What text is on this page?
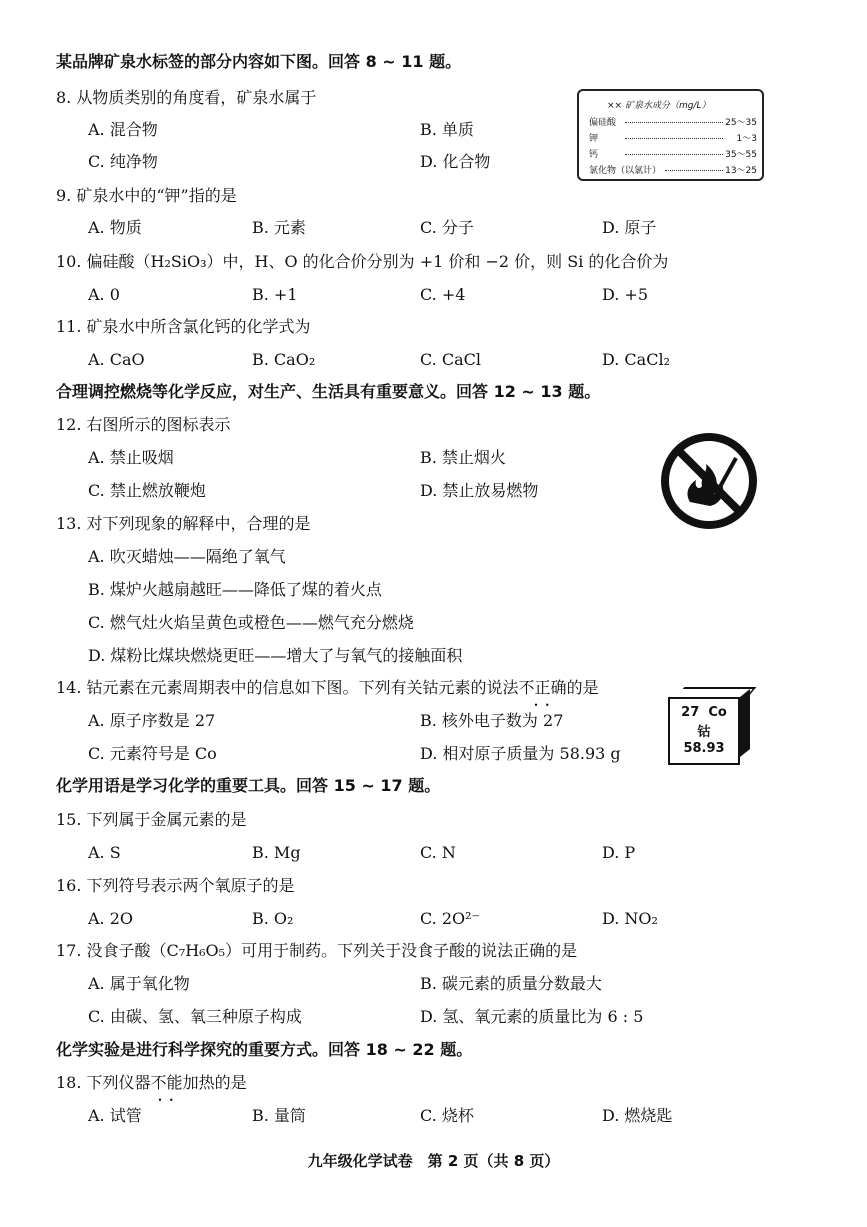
某品牌矿泉水标签的部分内容如下图。回答 8 ~ 11 题。
×× 矿泉水成分（mg/L）
偏硅酸	25～35
钾	1～3
钙	35～55
氯化物（以氯计）	13～25
8. 从物质类别的角度看，矿泉水属于
A. 混合物	B. 单质
C. 纯净物	D. 化合物
9. 矿泉水中的“钾”指的是
A. 物质	B. 元素	C. 分子	D. 原子
10. 偏硅酸（H₂SiO₃）中，H、O 的化合价分别为 +1 价和 −2 价，则 Si 的化合价为
A. 0	B. +1	C. +4	D. +5
11. 矿泉水中所含氯化钙的化学式为
A. CaO	B. CaO₂	C. CaCl	D. CaCl₂
合理调控燃烧等化学反应，对生产、生活具有重要意义。回答 12 ~ 13 题。
12. 右图所示的图标表示
A. 禁止吸烟	B. 禁止烟火
C. 禁止燃放鞭炮	D. 禁止放易燃物
13. 对下列现象的解释中，合理的是
A. 吹灭蜡烛——隔绝了氧气
B. 煤炉火越扇越旺——降低了煤的着火点
C. 燃气灶火焰呈黄色或橙色——燃气充分燃烧
D. 煤粉比煤块燃烧更旺——增大了与氧气的接触面积
14. 钴元素在元素周期表中的信息如下图。下列有关钴元素的说法不正确 • •的是
A. 原子序数是 27	B. 核外电子数为 27
C. 元素符号是 Co	D. 相对原子质量为 58.93 g
27 Co
钴
58.93
化学用语是学习化学的重要工具。回答 15 ~ 17 题。
15. 下列属于金属元素的是
A. S	B. Mg	C. N	D. P
16. 下列符号表示两个氧原子的是
A. 2O	B. O₂	C. 2O²⁻	D. NO₂
17. 没食子酸（C₇H₆O₅）可用于制药。下列关于没食子酸的说法正确的是
A. 属于氧化物	B. 碳元素的质量分数最大
C. 由碳、氢、氧三种原子构成	D. 氢、氧元素的质量比为 6 : 5
化学实验是进行科学探究的重要方式。回答 18 ~ 22 题。
18. 下列仪器不能 • •加热的是
A. 试管	B. 量筒	C. 烧杯	D. 燃烧匙
九年级化学试卷　第 2 页（共 8 页）
